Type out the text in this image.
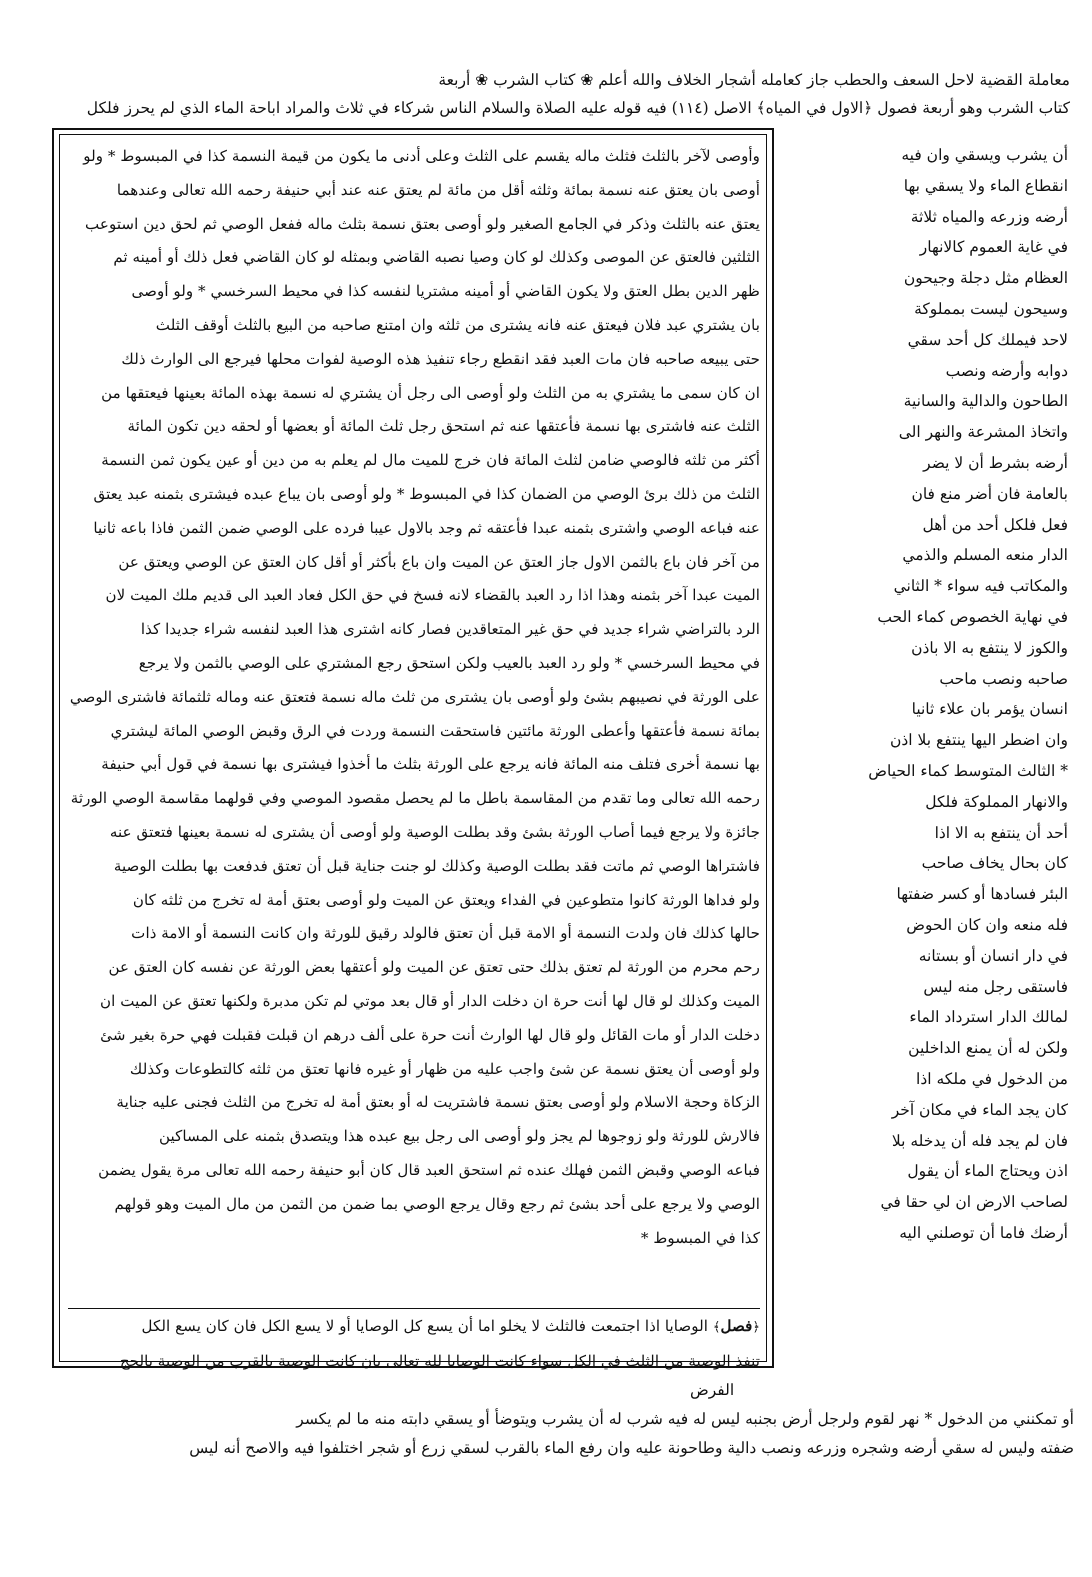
معاملة القضية لاحل السعف والحطب جاز كعامله أشجار الخلاف والله أعلم ❀ كتاب الشرب ❀ أربعة
كتاب الشرب وهو أربعة فصول ﴿الاول في المياه﴾ الاصل (١١٤) فيه قوله عليه الصلاة والسلام الناس شركاء في ثلاث والمراد اباحة الماء الذي لم يحرز فلكل
وأوصى لآخر بالثلث فثلث ماله يقسم على الثلث وعلى أدنى ما يكون من قيمة النسمة كذا في المبسوط * ولو
أوصى بان يعتق عنه نسمة بمائة وثلثه أقل من مائة لم يعتق عنه عند أبي حنيفة رحمه الله تعالى وعندهما
يعتق عنه بالثلث وذكر في الجامع الصغير ولو أوصى بعتق نسمة بثلث ماله ففعل الوصي ثم لحق دين استوعب
الثلثين فالعتق عن الموصى وكذلك لو كان وصيا نصبه القاضي وبمثله لو كان القاضي فعل ذلك أو أمينه ثم
ظهر الدين بطل العتق ولا يكون القاضي أو أمينه مشتريا لنفسه كذا في محيط السرخسي * ولو أوصى
بان يشتري عبد فلان فيعتق عنه فانه يشترى من ثلثه وان امتنع صاحبه من البيع بالثلث أوقف الثلث
حتى يبيعه صاحبه فان مات العبد فقد انقطع رجاء تنفيذ هذه الوصية لفوات محلها فيرجع الى الوارث ذلك
ان كان سمى ما يشتري به من الثلث ولو أوصى الى رجل أن يشتري له نسمة بهذه المائة بعينها فيعتقها من
الثلث عنه فاشترى بها نسمة فأعتقها عنه ثم استحق رجل ثلث المائة أو بعضها أو لحقه دين تكون المائة
أكثر من ثلثه فالوصي ضامن لثلث المائة فان خرج للميت مال لم يعلم به من دين أو عين يكون ثمن النسمة
الثلث من ذلك برئ الوصي من الضمان كذا في المبسوط * ولو أوصى بان يباع عبده فيشترى بثمنه عبد يعتق
عنه فباعه الوصي واشترى بثمنه عبدا فأعتقه ثم وجد بالاول عيبا فرده على الوصي ضمن الثمن فاذا باعه ثانيا
من آخر فان باع بالثمن الاول جاز العتق عن الميت وان باع بأكثر أو أقل كان العتق عن الوصي ويعتق عن
الميت عبدا آخر بثمنه وهذا اذا رد العبد بالقضاء لانه فسخ في حق الكل فعاد العبد الى قديم ملك الميت لان
الرد بالتراضي شراء جديد في حق غير المتعاقدين فصار كانه اشترى هذا العبد لنفسه شراء جديدا كذا
في محيط السرخسي * ولو رد العبد بالعيب ولكن استحق رجع المشتري على الوصي بالثمن ولا يرجع
على الورثة في نصيبهم بشئ ولو أوصى بان يشترى من ثلث ماله نسمة فتعتق عنه وماله ثلثمائة فاشترى الوصي
بمائة نسمة فأعتقها وأعطى الورثة مائتين فاستحقت النسمة وردت في الرق وقبض الوصي المائة ليشتري
بها نسمة أخرى فتلف منه المائة فانه يرجع على الورثة بثلث ما أخذوا فيشترى بها نسمة في قول أبي حنيفة
رحمه الله تعالى وما تقدم من المقاسمة باطل ما لم يحصل مقصود الموصي وفي قولهما مقاسمة الوصي الورثة
جائزة ولا يرجع فيما أصاب الورثة بشئ وقد بطلت الوصية ولو أوصى أن يشترى له نسمة بعينها فتعتق عنه
فاشتراها الوصي ثم ماتت فقد بطلت الوصية وكذلك لو جنت جناية قبل أن تعتق فدفعت بها بطلت الوصية
ولو فداها الورثة كانوا متطوعين في الفداء ويعتق عن الميت ولو أوصى بعتق أمة له تخرج من ثلثه كان
حالها كذلك فان ولدت النسمة أو الامة قبل أن تعتق فالولد رقيق للورثة وان كانت النسمة أو الامة ذات
رحم محرم من الورثة لم تعتق بذلك حتى تعتق عن الميت ولو أعتقها بعض الورثة عن نفسه كان العتق عن
الميت وكذلك لو قال لها أنت حرة ان دخلت الدار أو قال بعد موتي لم تكن مدبرة ولكنها تعتق عن الميت ان
دخلت الدار أو مات القائل ولو قال لها الوارث أنت حرة على ألف درهم ان قبلت فقبلت فهي حرة بغير شئ
ولو أوصى أن يعتق نسمة عن شئ واجب عليه من ظهار أو غيره فانها تعتق من ثلثه كالتطوعات وكذلك
الزكاة وحجة الاسلام ولو أوصى بعتق نسمة فاشتريت له أو بعتق أمة له تخرج من الثلث فجنى عليه جناية
فالارش للورثة ولو زوجوها لم يجز ولو أوصى الى رجل بيع عبده هذا ويتصدق بثمنه على المساكين
فباعه الوصي وقبض الثمن فهلك عنده ثم استحق العبد قال كان أبو حنيفة رحمه الله تعالى مرة يقول يضمن
الوصي ولا يرجع على أحد بشئ ثم رجع وقال يرجع الوصي بما ضمن من الثمن من مال الميت وهو قولهم
كذا في المبسوط *
﴿فصل﴾ الوصايا اذا اجتمعت فالثلث لا يخلو اما أن يسع كل الوصايا أو لا يسع الكل فان كان يسع الكل
تنفذ الوصية من الثلث في الكل سواء كانت الوصايا لله تعالى بان كانت الوصية بالقرب من الوصية بالحج
أن يشرب ويسقي وان فيه
انقطاع الماء ولا يسقي بها
أرضه وزرعه والمياه ثلاثة
في غاية العموم كالانهار
العظام مثل دجلة وجيحون
وسيحون ليست بمملوكة
لاحد فيملك كل أحد سقي
دوابه وأرضه ونصب
الطاحون والدالية والسانية
واتخاذ المشرعة والنهر الى
أرضه بشرط أن لا يضر
بالعامة فان أضر منع فان
فعل فلكل أحد من أهل
الدار منعه المسلم والذمي
والمكاتب فيه سواء * الثاني
في نهاية الخصوص كماء الحب
والكوز لا ينتفع به الا باذن
صاحبه ونصب ماحب
انسان يؤمر بان علاء ثانيا
وان اضطر اليها ينتفع بلا اذن
* الثالث المتوسط كماء الحياض
والانهار المملوكة فلكل
أحد أن ينتفع به الا اذا
كان بحال يخاف صاحب
البئر فسادها أو كسر ضفتها
فله منعه وان كان الحوض
في دار انسان أو بستانه
فاستقى رجل منه ليس
لمالك الدار استرداد الماء
ولكن له أن يمنع الداخلين
من الدخول في ملكه اذا
كان يجد الماء في مكان آخر
فان لم يجد فله أن يدخله بلا
اذن ويحتاج الماء أن يقول
لصاحب الارض ان لي حقا في
أرضك فاما أن توصلني اليه
الفرض
أو تمكنني من الدخول * نهر لقوم ولرجل أرض بجنبه ليس له فيه شرب له أن يشرب ويتوضأ أو يسقي دابته منه ما لم يكسر
ضفته وليس له سقي أرضه وشجره وزرعه ونصب دالية وطاحونة عليه وان رفع الماء بالقرب لسقي زرع أو شجر اختلفوا فيه والاصح أنه ليس
